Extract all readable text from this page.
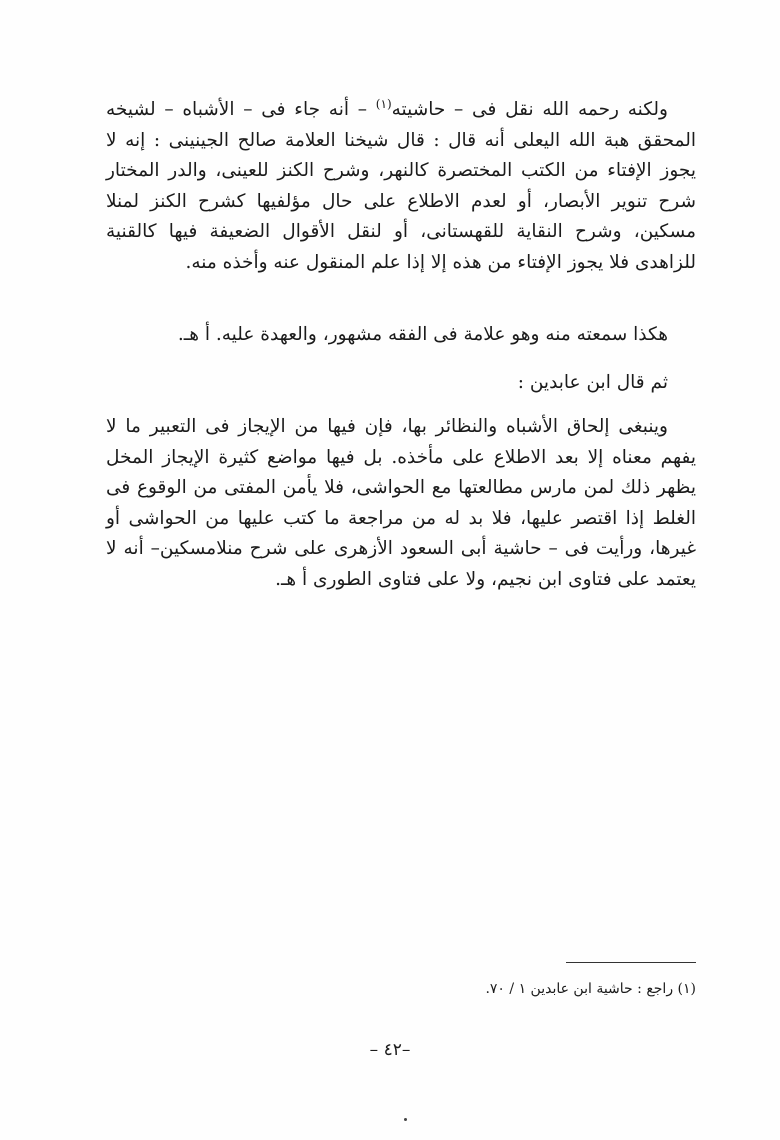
ولكنه رحمه الله نقل فى – حاشيته$^{(١)}$ – أنه جاء فى – الأشباه – لشيخه المحقق هبة الله اليعلى أنه قال : قال شيخنا العلامة صالح الجينينى : إنه لا يجوز الإفتاء من الكتب المختصرة كالنهر، وشرح الكنز للعينى، والدر المختار شرح تنوير الأبصار، أو لعدم الاطلاع على حال مؤلفيها كشرح الكنز لمنلا مسكين، وشرح النقاية للقهستانى، أو لنقل الأقوال الضعيفة فيها كالقنية للزاهدى فلا يجوز الإفتاء من هذه إلا إذا علم المنقول عنه وأخذه منه.

هكذا سمعته منه وهو علامة فى الفقه مشهور، والعهدة عليه. أ هـ.

ثم قال ابن عابدين :

وينبغى إلحاق الأشباه والنظائر بها، فإن فيها من الإيجاز فى التعبير ما لا يفهم معناه إلا بعد الاطلاع على مأخذه. بل فيها مواضع كثيرة الإيجاز المخل يظهر ذلك لمن مارس مطالعتها مع الحواشى، فلا يأمن المفتى من الوقوع فى الغلط إذا اقتصر عليها، فلا بد له من مراجعة ما كتب عليها من الحواشى أو غيرها، ورأيت فى – حاشية أبى السعود الأزهرى على شرح منلامسكين– أنه لا يعتمد على فتاوى ابن نجيم، ولا على فتاوى الطورى أ هـ.

(١) راجع : حاشية ابن عابدين ١ / ٧٠.
–٤٢ –
